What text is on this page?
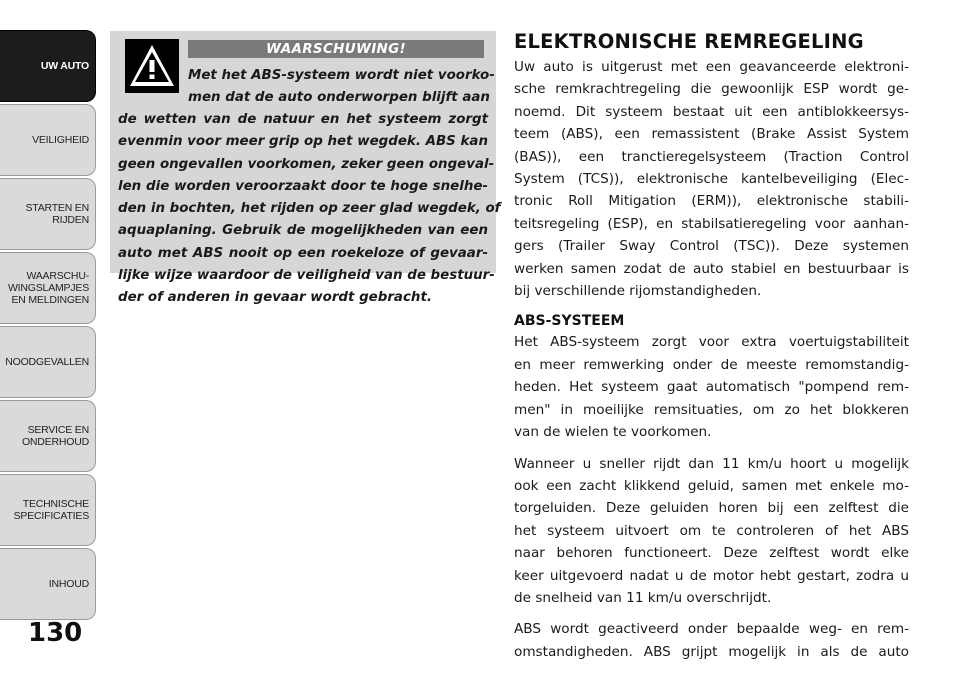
UW AUTO
VEILIGHEID
STARTEN EN
RIJDEN
WAARSCHU-
WINGSLAMPJES
EN MELDINGEN
NOODGEVALLEN
SERVICE EN
ONDERHOUD
TECHNISCHE
SPECIFICATIES
INHOUD
130
WAARSCHUWING!
Met het ABS-systeem wordt niet voorko-
men dat de auto onderworpen blijft aan
de wetten van de natuur en het systeem zorgt
evenmin voor meer grip op het wegdek. ABS kan
geen ongevallen voorkomen, zeker geen ongeval-
len die worden veroorzaakt door te hoge snelhe-
den in bochten, het rijden op zeer glad wegdek, of
aquaplaning. Gebruik de mogelijkheden van een
auto met ABS nooit op een roekeloze of gevaar-
lijke wijze waardoor de veiligheid van de bestuur-
der of anderen in gevaar wordt gebracht.
ELEKTRONISCHE REMREGELING
Uw auto is uitgerust met een geavanceerde elektroni-
sche remkrachtregeling die gewoonlijk ESP wordt ge-
noemd. Dit systeem bestaat uit een antiblokkeersys-
teem (ABS), een remassistent (Brake Assist System
(BAS)), een tranctieregelsysteem (Traction Control
System (TCS)), elektronische kantelbeveiliging (Elec-
tronic Roll Mitigation (ERM)), elektronische stabili-
teitsregeling (ESP), en stabilsatieregeling voor aanhan-
gers (Trailer Sway Control (TSC)). Deze systemen
werken samen zodat de auto stabiel en bestuurbaar is
bij verschillende rijomstandigheden.
ABS-SYSTEEM
Het ABS-systeem zorgt voor extra voertuigstabiliteit
en meer remwerking onder de meeste remomstandig-
heden. Het systeem gaat automatisch "pompend rem-
men" in moeilijke remsituaties, om zo het blokkeren
van de wielen te voorkomen.
Wanneer u sneller rijdt dan 11 km/u hoort u mogelijk
ook een zacht klikkend geluid, samen met enkele mo-
torgeluiden. Deze geluiden horen bij een zelftest die
het systeem uitvoert om te controleren of het ABS
naar behoren functioneert. Deze zelftest wordt elke
keer uitgevoerd nadat u de motor hebt gestart, zodra u
de snelheid van 11 km/u overschrijdt.
ABS wordt geactiveerd onder bepaalde weg- en rem-
omstandigheden. ABS grijpt mogelijk in als de auto
